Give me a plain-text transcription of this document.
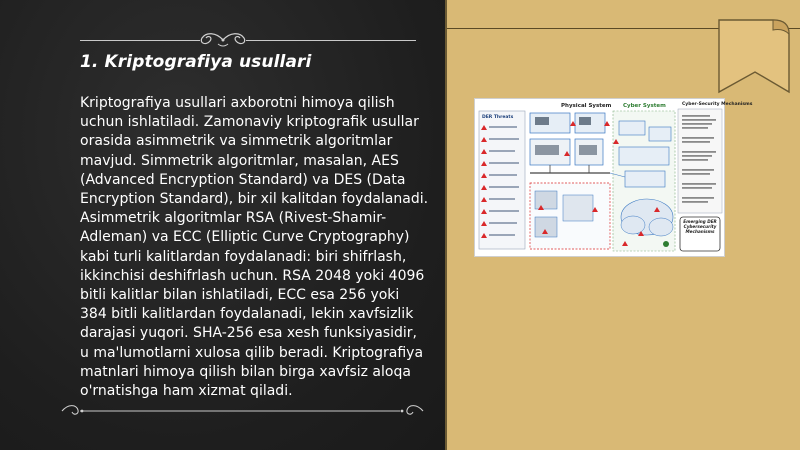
1. Kriptografiya usullari
Kriptografiya usullari axborotni himoya qilish uchun ishlatiladi. Zamonaviy kriptografik usullar orasida asimmetrik va simmetrik algoritmlar mavjud. Simmetrik algoritmlar, masalan, AES (Advanced Encryption Standard) va DES (Data Encryption Standard), bir xil kalitdan foydalanadi. Asimmetrik algoritmlar RSA (Rivest-Shamir-Adleman) va ECC (Elliptic Curve Cryptography) kabi turli kalitlardan foydalanadi: biri shifrlash, ikkinchisi deshifrlash uchun. RSA 2048 yoki 4096 bitli kalitlar bilan ishlatiladi, ECC esa 256 yoki 384 bitli kalitlardan foydalanadi, lekin xavfsizlik darajasi yuqori. SHA-256 esa xesh funksiyasidir, u ma'lumotlarni xulosa qilib beradi. Kriptografiya matnlari himoya qilish bilan birga xavfsiz aloqa o'rnatishga ham xizmat qiladi.
Physical System Cyber System	Cyber-Security Mechanisms
DER Threats
Emerging DER Cybersecurity Mechanisms
